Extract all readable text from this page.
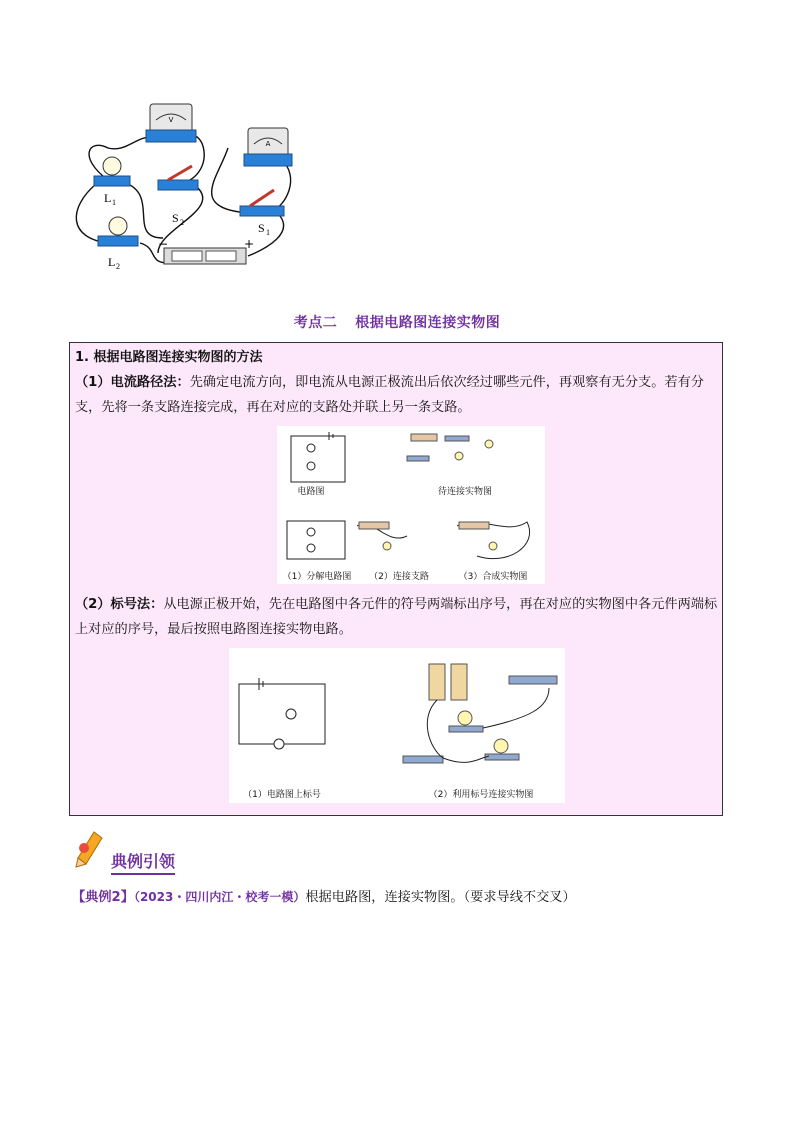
V
A
L 1
S 2	S 1
L 2
−	+
考点二 根据电路图连接实物图
1. 根据电路图连接实物图的方法
（1）电流路径法：先确定电流方向，即电流从电源正极流出后依次经过哪些元件，再观察有无分支。若有分支，先将一条支路连接完成，再在对应的支路处并联上另一条支路。
电路图	待连接实物图
（1）分解电路图 （2）连接支路	（3）合成实物图
（2）标号法：从电源正极开始，先在电路图中各元件的符号两端标出序号，再在对应的实物图中各元件两端标上对应的序号，最后按照电路图连接实物电路。
（1）电路图上标号	（2）利用标号连接实物图
典例引领
【典例2】（2023・四川内江・校考一模）根据电路图，连接实物图。（要求导线不交叉）
